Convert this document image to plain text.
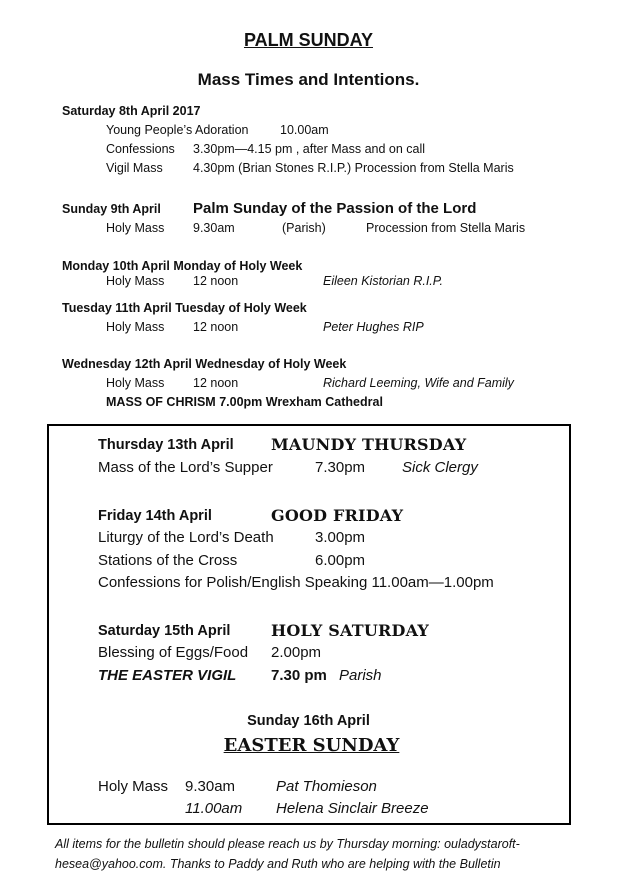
PALM SUNDAY
Mass Times and Intentions.
Saturday 8th April 2017
Young People’s Adoration	10.00am
Confessions 3.30pm—4.15 pm , after Mass and on call
Vigil Mass 4.30pm (Brian Stones R.I.P.) Procession from Stella Maris
Sunday 9th April Palm Sunday of the Passion of the Lord
Holy Mass 9.30am	(Parish)	Procession from Stella Maris
Monday 10th April Monday of Holy Week
Holy Mass 12 noon	Eileen Kistorian R.I.P.
Tuesday 11th April Tuesday of Holy Week
Holy Mass 12 noon	Peter Hughes RIP
Wednesday 12th April Wednesday of Holy Week
Holy Mass 12 noon	Richard Leeming, Wife and Family
MASS OF CHRISM 7.00pm Wrexham Cathedral
Thursday 13th April MAUNDY THURSDAY
Mass of the Lord’s Supper	7.30pm Sick Clergy
Friday 14th April	GOOD FRIDAY
Liturgy of the Lord’s Death	3.00pm
Stations of the Cross	6.00pm
Confessions for Polish/English Speaking 11.00am—1.00pm
Saturday 15th April	HOLY SATURDAY
Blessing of Eggs/Food 2.00pm
THE EASTER VIGIL 7.30 pm Parish
Sunday 16th April
EASTER SUNDAY
Holy Mass 9.30am	Pat Thomieson
11.00am Helena Sinclair Breeze
All items for the bulletin should please reach us by Thursday morning: ouladystaroft-
hesea@yahoo.com. Thanks to Paddy and Ruth who are helping with the Bulletin
